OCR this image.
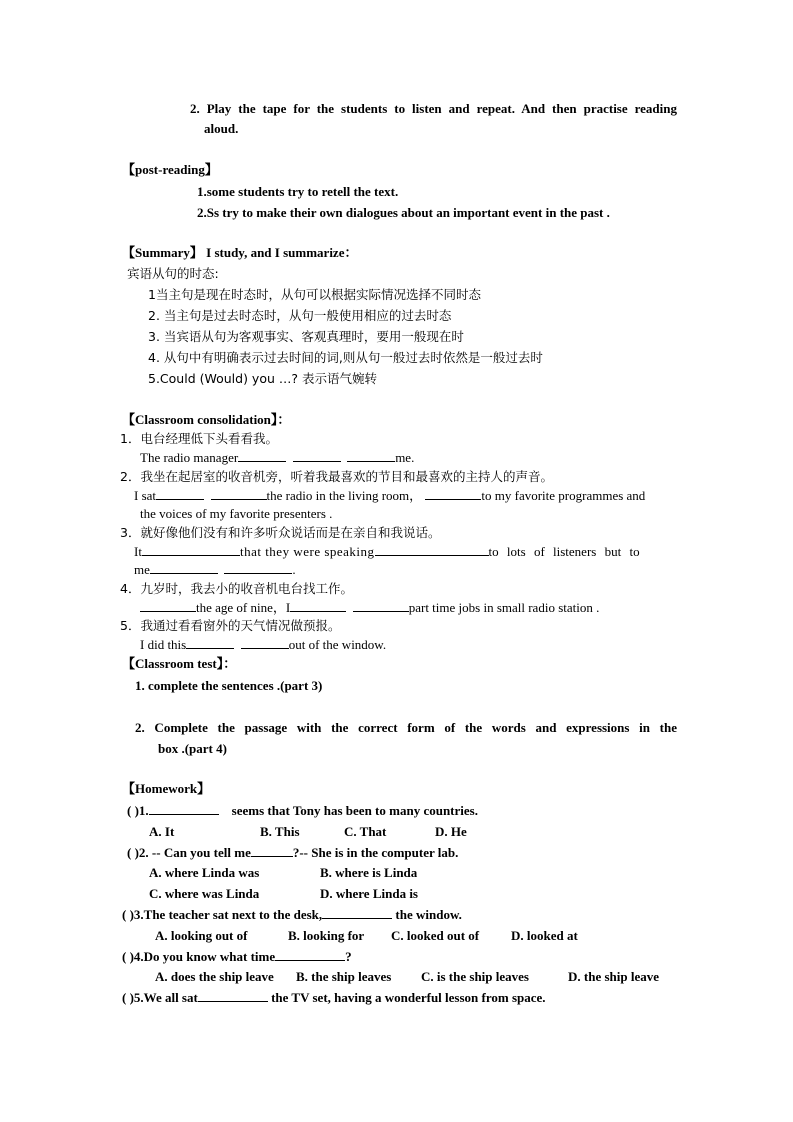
2. Play the tape for the students to listen and repeat. And then practise reading
aloud.
【post-reading】
1.some students try to retell the text.
2.Ss try to make their own dialogues about an important event in the past .
【Summary】 I study, and I summarize：
宾语从句的时态:
1当主句是现在时态时，从句可以根据实际情况选择不同时态
2. 当主句是过去时态时，从句一般使用相应的过去时态
3. 当宾语从句为客观事实、客观真理时，要用一般现在时
4. 从句中有明确表示过去时间的词,则从句一般过去时依然是一般过去时
5.Could (Would) you …? 表示语气婉转
【Classroom consolidation】：
1．电台经理低下头看看我。
The radio manager	me.
2．我坐在起居室的收音机旁，听着我最喜欢的节目和最喜欢的主持人的声音。
I sat	the radio in the living room，	to my favorite programmes and
the voices of my favorite presenters .
3．就好像他们没有和许多听众说话而是在亲自和我说话。
It	that they were speaking	to lots of listeners but to
me	.
4．九岁时，我去小的收音机电台找工作。
the age of nine，I	part time jobs in small radio station .
5．我通过看看窗外的天气情况做预报。
I did this	out of the window.
【Classroom test】：
1. complete the sentences .(part 3)
2. Complete the passage with the correct form of the words and expressions in the
box .(part 4)
【Homework】
( )1.	seems that Tony has been to many countries.
A. It	B. This	C. That	D. He
( )2. -- Can you tell me	?-- She is in the computer lab.
A. where Linda was	B. where is Linda
C. where was Linda	D. where Linda is
( )3.The teacher sat next to the desk,	the window.
A. looking out of	B. looking for C. looked out of D. looked at
( )4.Do you know what time	?
A. does the ship leave B. the ship leaves C. is the ship leaves	D. the ship leave
( )5.We all sat	the TV set, having a wonderful lesson from space.
